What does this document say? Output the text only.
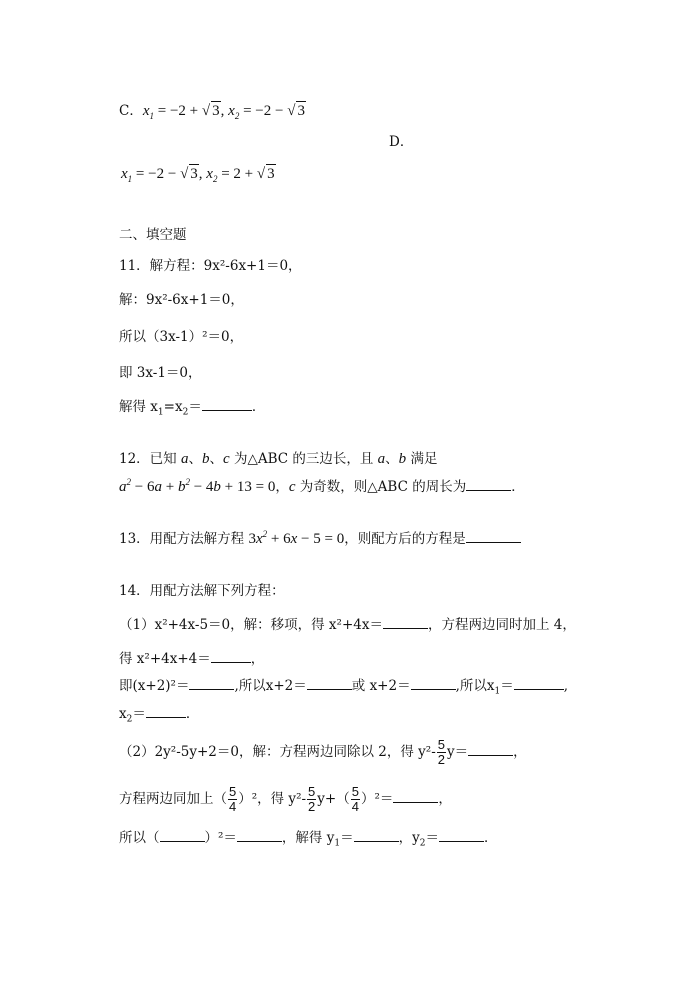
C．$x_1 = -2$ + √ 3, $x_2 = -2$ − √ 3
D．
$x_1 = -2$ − √ 3, $x_2 = 2$ + √ 3
二、填空题
11．解方程：9x²-6x+1＝0，
解：9x²-6x+1＝0，
所以（3x-1）²＝0，
即 3x-1＝0，
解得 $x_1=x_2=$	．
12．已知 a、b、c 为△ABC 的三边长，且 a、b 满足
$a^2 - 6a + b^2 - 4b + 13 = 0$，c 为奇数，则△ABC 的周长为	．
13．用配方法解方程 $3x^2 + 6x - 5 = 0$，则配方后的方程是
14．用配方法解下列方程：
（1）x²+4x-5＝0，解：移项，得 x²+4x＝	，方程两边同时加上 4，
得 x²+4x+4＝	，
即(x+2)²＝	,所以x+2＝	或 x+2＝	,所以$x_1=$	,
$x_2=$	．
（2）2y²-5y+2＝0，解：方程两边同除以 2，得 $y^2- \frac{5}{2} y=$	，
方程两边同加上（ $\frac{5}{4} )^2$，得 $y^2- \frac{5}{2} y+( \frac{5}{4} )^2=$	，
所以（	）²＝	，解得 $y_1=$	，$y_2=$	．
